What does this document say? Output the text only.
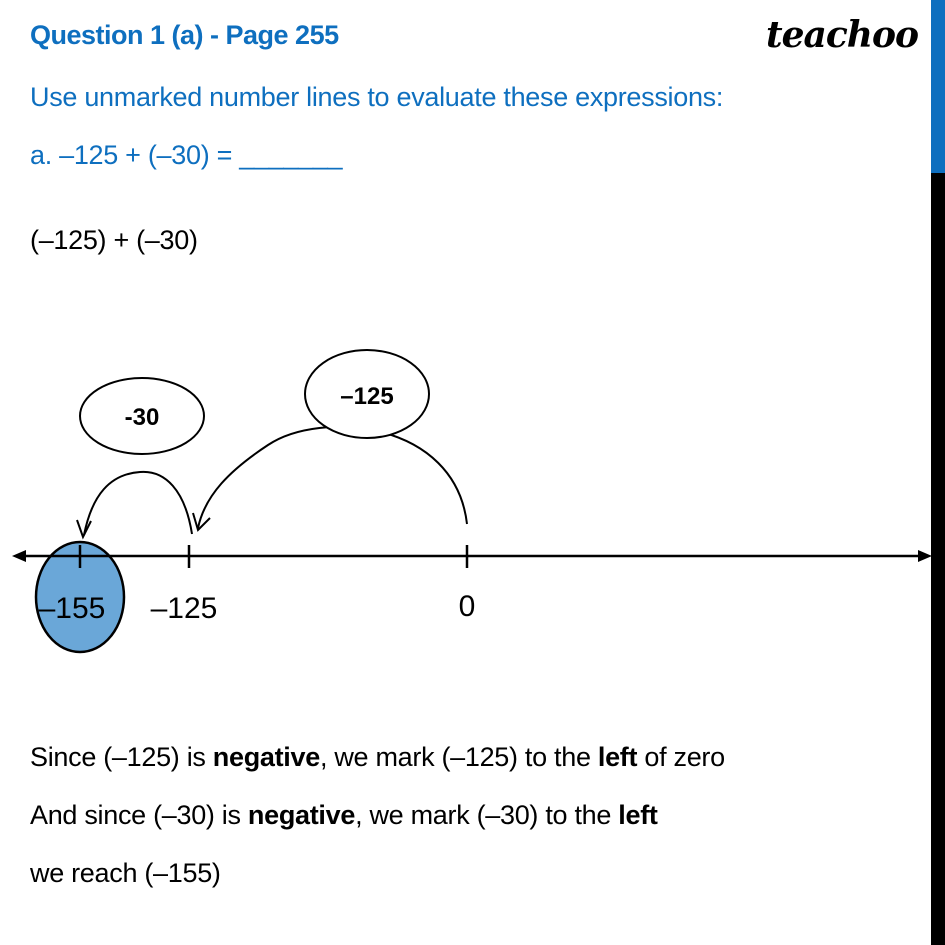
Question 1 (a) - Page 255	teachoo
Use unmarked number lines to evaluate these expressions:
a. –125 + (–30) = _______
(–125) + (–30)
-30
–125
–155 –125	0
Since (–125) is negative, we mark (–125) to the left of zero
And since (–30) is negative, we mark (–30) to the left
we reach (–155)
